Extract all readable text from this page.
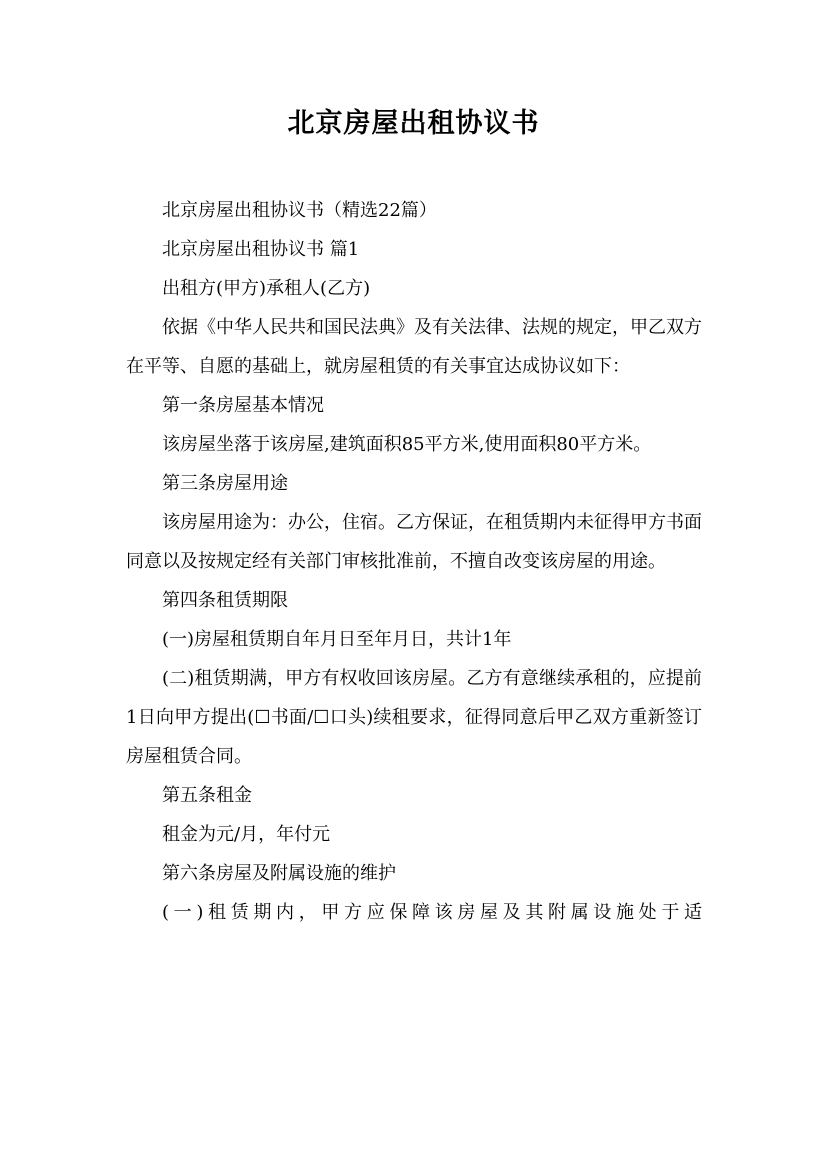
北京房屋出租协议书

北京房屋出租协议书（精选22篇）

北京房屋出租协议书 篇1

出租方(甲方)承租人(乙方)

依据《中华人民共和国民法典》及有关法律、法规的规定，甲乙双方在平等、自愿的基础上，就房屋租赁的有关事宜达成协议如下：

第一条房屋基本情况

该房屋坐落于该房屋,建筑面积85平方米,使用面积80平方米。

第三条房屋用途

该房屋用途为：办公，住宿。乙方保证，在租赁期内未征得甲方书面同意以及按规定经有关部门审核批准前，不擅自改变该房屋的用途。

第四条租赁期限

(一)房屋租赁期自年月日至年月日，共计1年

(二)租赁期满，甲方有权收回该房屋。乙方有意继续承租的，应提前1日向甲方提出(☐书面/☐口头)续租要求，征得同意后甲乙双方重新签订房屋租赁合同。

第五条租金

租金为元/月，年付元

第六条房屋及附属设施的维护

(一)租赁期内，甲方应保障该房屋及其附属设施处于适
